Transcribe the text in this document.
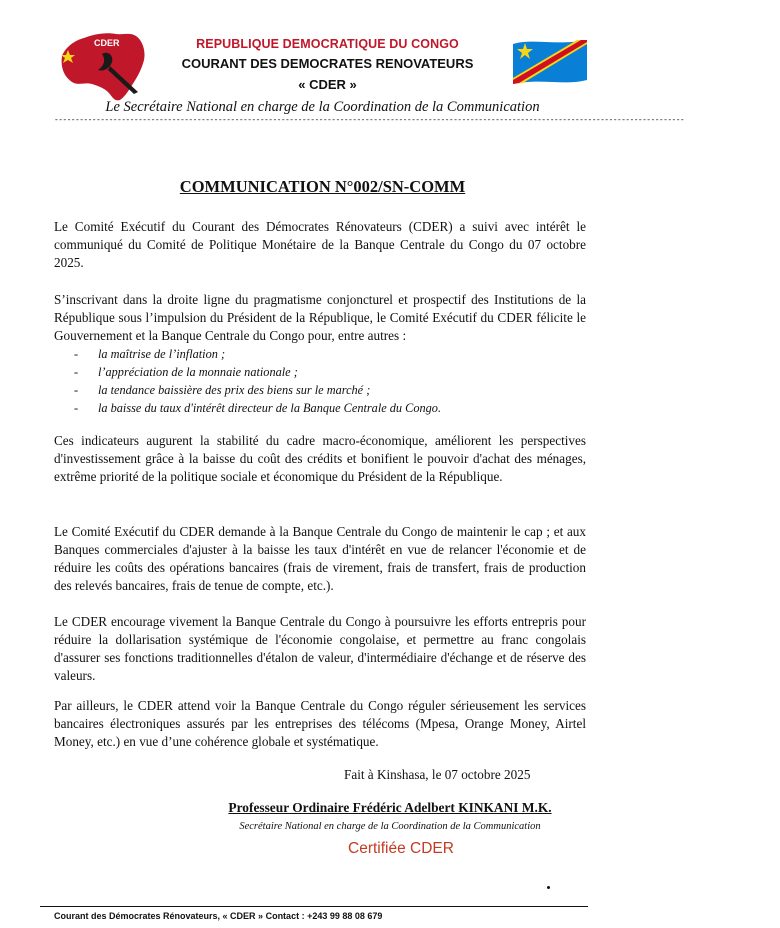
CDER	REPUBLIQUE DEMOCRATIQUE DU CONGO
COURANT DES DEMOCRATES RENOVATEURS
« CDER »
Le Secrétaire National en charge de la Coordination de la Communication
------------------------------------------------------------------------------------------------------------------------------------------------------
COMMUNICATION N°002/SN-COMM

Le Comité Exécutif du Courant des Démocrates Rénovateurs (CDER) a suivi avec intérêt le communiqué du Comité de Politique Monétaire de la Banque Centrale du Congo du 07 octobre 2025.

S’inscrivant dans la droite ligne du pragmatisme conjoncturel et prospectif des Institutions de la République sous l’impulsion du Président de la République, le Comité Exécutif du CDER félicite le Gouvernement et la Banque Centrale du Congo pour, entre autres :

- la maîtrise de l’inflation ;
- l’appréciation de la monnaie nationale ;
- la tendance baissière des prix des biens sur le marché ;
- la baisse du taux d'intérêt directeur de la Banque Centrale du Congo.

Ces indicateurs augurent la stabilité du cadre macro-économique, améliorent les perspectives d'investissement grâce à la baisse du coût des crédits et bonifient le pouvoir d'achat des ménages, extrême priorité de la politique sociale et économique du Président de la République.

Le Comité Exécutif du CDER demande à la Banque Centrale du Congo de maintenir le cap ; et aux Banques commerciales d'ajuster à la baisse les taux d'intérêt en vue de relancer l'économie et de réduire les coûts des opérations bancaires (frais de virement, frais de transfert, frais de production des relevés bancaires, frais de tenue de compte, etc.).

Le CDER encourage vivement la Banque Centrale du Congo à poursuivre les efforts entrepris pour réduire la dollarisation systémique de l'économie congolaise, et permettre au franc congolais d'assurer ses fonctions traditionnelles d'étalon de valeur, d'intermédiaire d'échange et de réserve des valeurs.

Par ailleurs, le CDER attend voir la Banque Centrale du Congo réguler sérieusement les services bancaires électroniques assurés par les entreprises des télécoms (Mpesa, Orange Money, Airtel Money, etc.) en vue d’une cohérence globale et systématique.

Fait à Kinshasa, le 07 octobre 2025
Professeur Ordinaire Frédéric Adelbert KINKANI M.K.
Secrétaire National en charge de la Coordination de la Communication
Certifiée CDER
Courant des Démocrates Rénovateurs, « CDER » Contact : +243 99 88 08 679
